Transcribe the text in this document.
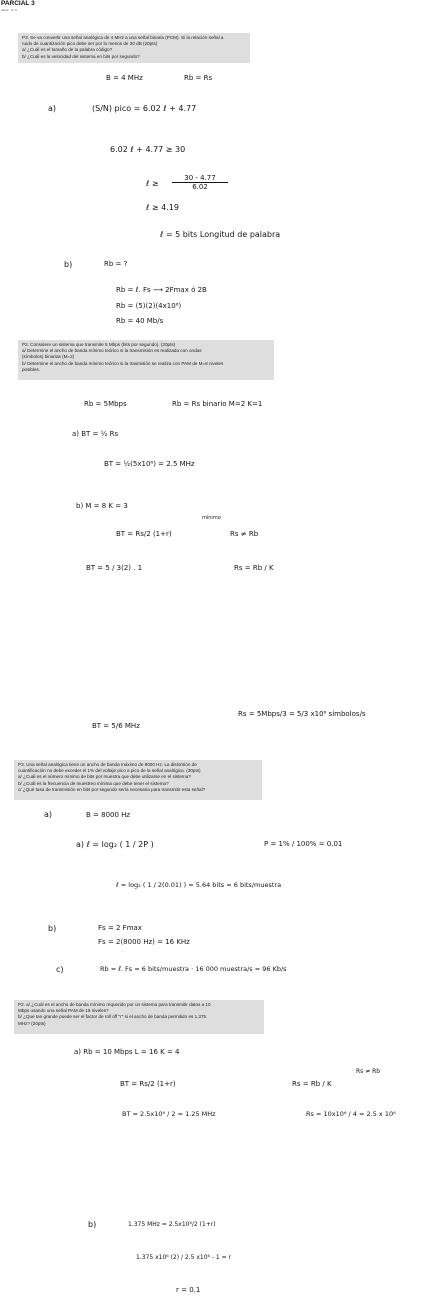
PARCIAL 3
tablet · 8 / 8
P3. Se va convertir una señal analógica de 4 MHz a una señal binaria (PCM). Si la relación señal a
ruido de cuantización pico debe ser por lo menos de 30 dB (20pts)
a/ ¿Cuál es el tamaño de la palabra código?
b/ ¿Cuál es la velocidad del sistema en bits por segundo?
B = 4 MHz	Rb = Rs
a)	(S/N) pico = 6.02 ℓ + 4.77
6.02 ℓ + 4.77 ≥ 30
ℓ ≥ $\frac{30 - 4.77}{6.02}$
ℓ ≥ 4.19
ℓ = 5 bits Longitud de palabra
b)	Rb = ?
Rb = ℓ. Fs ⟶ 2Fmax ó 2B
Rb = (5)(2)(4x10⁶)
Rb = 40 Mb/s
P2. Considere un sistema que transmite 5 Mbps (bits por segundo). (20pts)
a/ Determine el ancho de banda mínimo teórico si la transmisión es realizada con ondas
(símbolos) binarias (M=2)
b/ Determine el ancho de banda mínimo teórico si la trasmisión se realiza con PAM de M=8 niveles
posibles.
Rb = 5Mbps	Rb = Rs binario M=2 K=1
a) BT = ½ Rs
BT = ½(5x10⁶) = 2.5 MHz
b) M = 8 K = 3
BT = Rs/2 (1+r)
mínimo
Rs ≠ Rb
BT = 5 / 3(2) . 1	Rs = Rb / K
Rs = 5Mbps/3 = 5/3 x10⁶ símbolos/s
BT = 5/6 MHz
P3. Una señal analógica tiene un ancho de banda máximo de 8000 Hz. La distorsión de
cuantificación no debe exceder el 1% del voltaje pico a pico de la señal analógica. (30pts)
a/ ¿Cuál es el número mínimo de bits por muestra que debe utilizarse en el sistema?
b/ ¿Cuál es la frecuencia de muestreo mínima que debe tener el sistema?
c/ ¿Qué tasa de transmisión en bits por segundo sería necesaria para transmitir esta señal?
a)	B = 8000 Hz
a) ℓ = log₂ ( 1 / 2P )	P = 1% / 100% = 0.01
ℓ = log₂ ( 1 / 2(0.01) ) = 5.64 bits = 6 bits/muestra
b)	Fs = 2 Fmax
Fs = 2(8000 Hz) = 16 KHz
c)	Rb = ℓ. Fs = 6 bits/muestra · 16 000 muestra/s = 96 Kb/s
P2. a/ ¿Cuál es el ancho de banda mínimo requerido por un sistema para transmitir datos a 10
Mbps usando una señal PAM de 16 niveles?
b/ ¿Que tan grande puede ser el factor de roll off "r" si el ancho de banda permitido es 1.375
MHz? (20pts)
a) Rb = 10 Mbps L = 16 K = 4
Rs ≠ Rb
BT = Rs/2 (1+r)	Rs = Rb / K
BT = 2.5x10⁶ / 2 = 1.25 MHz	Rs = 10x10⁶ / 4 = 2.5 x 10⁶
b)	1.375 MHz = 2.5x10⁶/2 (1+r)
1.375 x10⁶ (2) / 2.5 x10⁶ - 1 = r
r = 0.1
